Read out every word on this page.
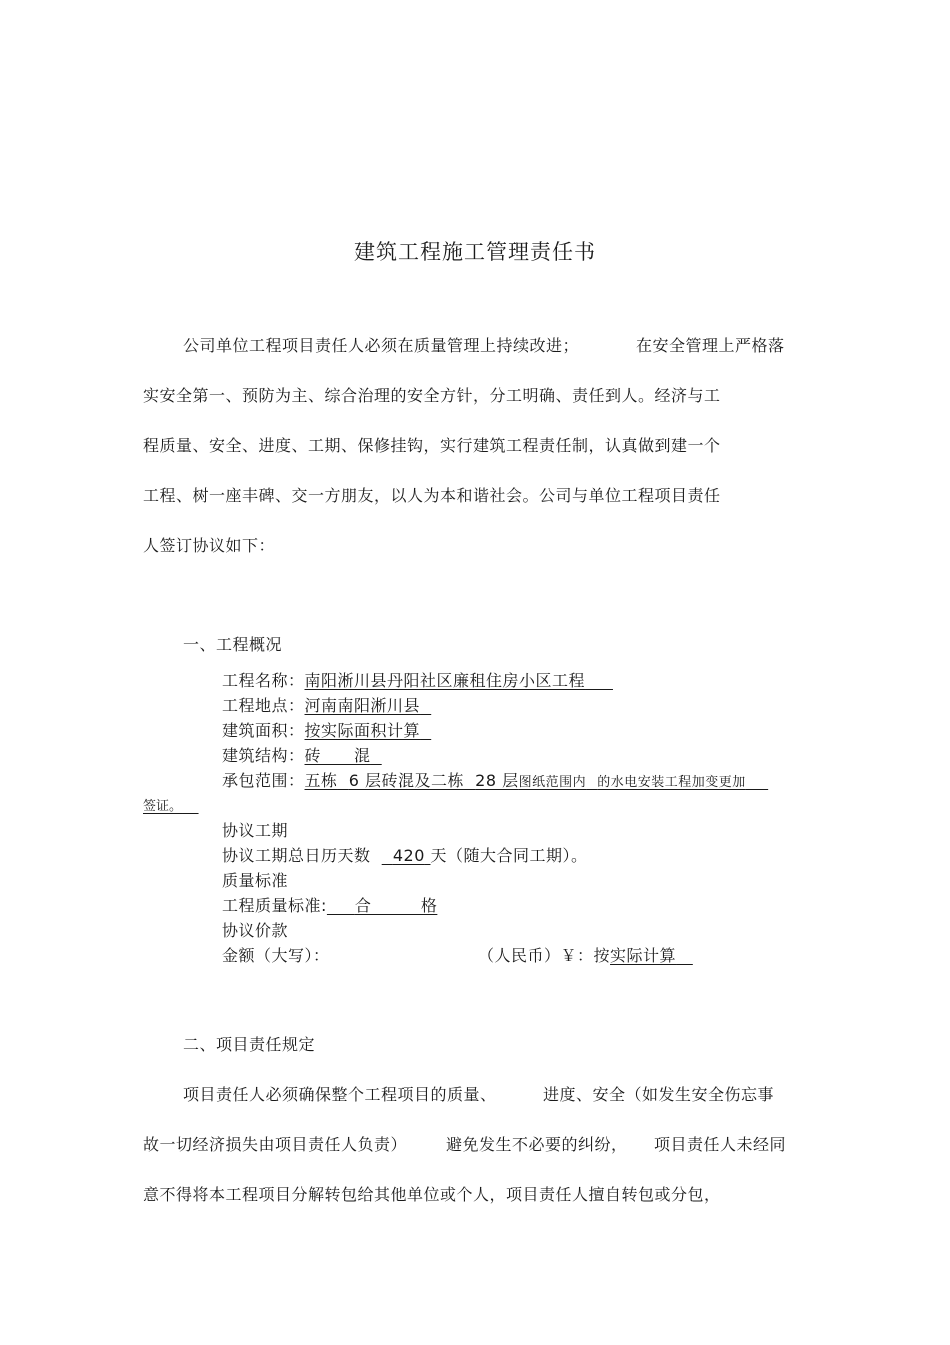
建筑工程施工管理责任书
公司单位工程项目责任人必须在质量管理上持续改进；	在安全管理上严格落
实安全第一、预防为主、综合治理的安全方针，分工明确、责任到人。经济与工
程质量、安全、进度、工期、保修挂钩，实行建筑工程责任制，认真做到建一个
工程、树一座丰碑、交一方朋友，以人为本和谐社会。公司与单位工程项目责任
人签订协议如下：
一、工程概况
工程名称：南阳淅川县丹阳社区廉租住房小区工程
工程地点：河南南阳淅川县
建筑面积：按实际面积计算
建筑结构：砖　　混
承包范围：五栋 6 层砖混及二栋 28 层图纸范围内 的水电安装工程加变更加
签证。
协议工期
协议工期总日历天数 420 天（随大合同工期）。
质量标准
工程质量标准: 合　　　格
协议价款
金额（大写）：	（人民币）￥：按实际计算
二、项目责任规定
项目责任人必须确保整个工程项目的质量、	进度、安全（如发生安全伤忘事
故一切经济损失由项目责任人负责） 避免发生不必要的纠纷， 项目责任人未经同
意不得将本工程项目分解转包给其他单位或个人，项目责任人擅自转包或分包，
